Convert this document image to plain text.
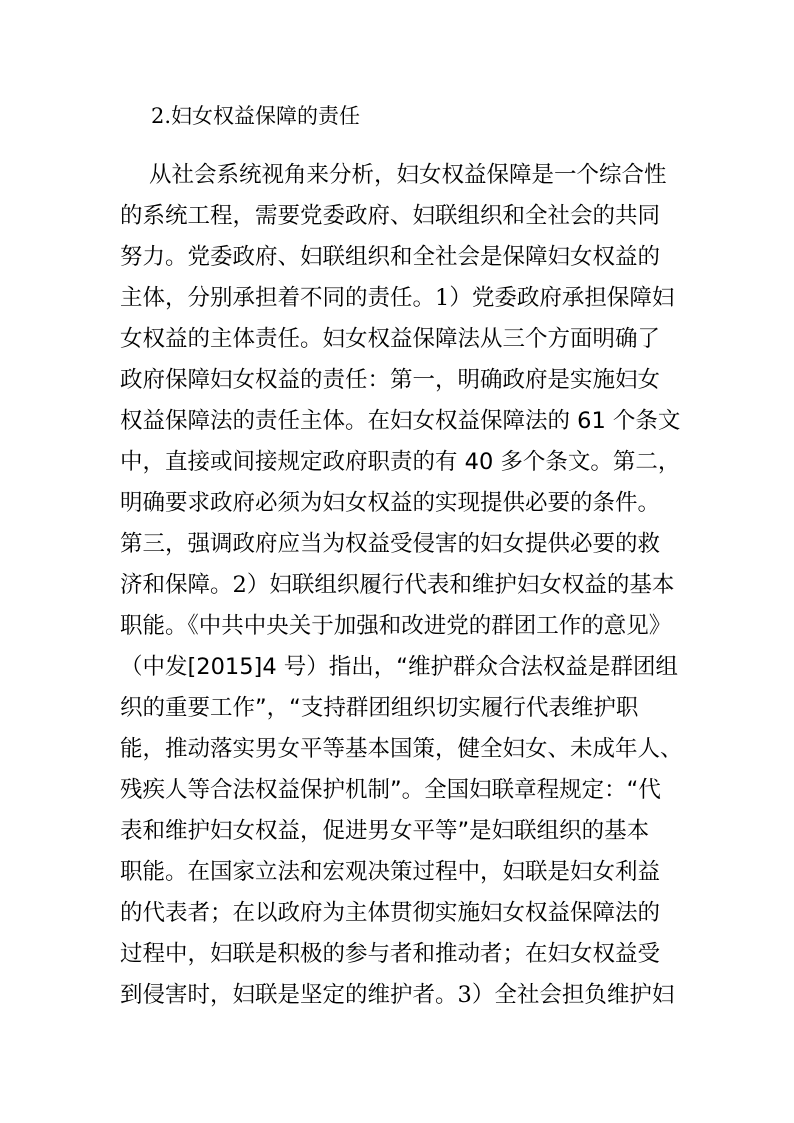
2.妇女权益保障的责任
从社会系统视角来分析，妇女权益保障是一个综合性
的系统工程，需要党委政府、妇联组织和全社会的共同
努力。党委政府、妇联组织和全社会是保障妇女权益的
主体，分别承担着不同的责任。1）党委政府承担保障妇
女权益的主体责任。妇女权益保障法从三个方面明确了
政府保障妇女权益的责任：第一，明确政府是实施妇女
权益保障法的责任主体。在妇女权益保障法的 61 个条文
中，直接或间接规定政府职责的有 40 多个条文。第二，
明确要求政府必须为妇女权益的实现提供必要的条件。
第三，强调政府应当为权益受侵害的妇女提供必要的救
济和保障。2）妇联组织履行代表和维护妇女权益的基本
职能。《中共中央关于加强和改进党的群团工作的意见》
（中发[2015]4 号）指出，“维护群众合法权益是群团组
织的重要工作”，“支持群团组织切实履行代表维护职
能，推动落实男女平等基本国策，健全妇女、未成年人、
残疾人等合法权益保护机制”。全国妇联章程规定：“代
表和维护妇女权益，促进男女平等”是妇联组织的基本
职能。在国家立法和宏观决策过程中，妇联是妇女利益
的代表者；在以政府为主体贯彻实施妇女权益保障法的
过程中，妇联是积极的参与者和推动者；在妇女权益受
到侵害时，妇联是坚定的维护者。3）全社会担负维护妇
